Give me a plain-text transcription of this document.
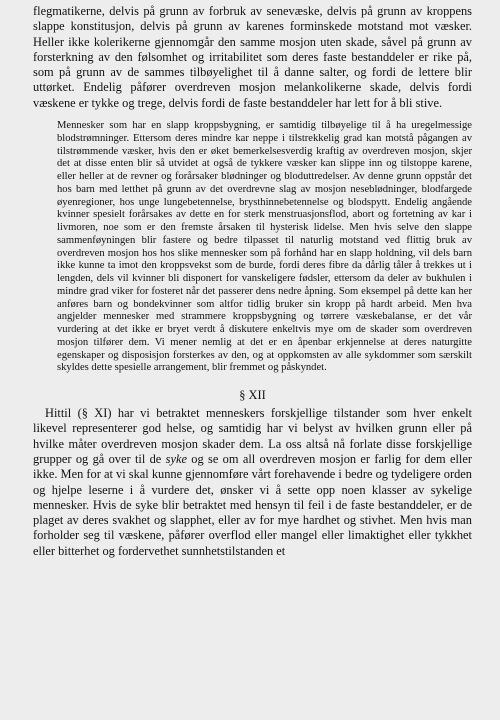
flegmatikerne, delvis på grunn av forbruk av senevæske, delvis på grunn av kroppens slappe konstitusjon, delvis på grunn av karenes forminskede motstand mot væsker. Heller ikke kolerikerne gjennomgår den samme mosjon uten skade, såvel på grunn av forsterkning av den følsomhet og irritabilitet som deres faste bestanddeler er rike på, som på grunn av de sammes tilbøyelighet til å danne salter, og fordi de lettere blir uttørket. Endelig påfører overdreven mosjon melankolikerne skade, delvis fordi væskene er tykke og trege, delvis fordi de faste bestanddeler har lett for å bli stive.

Mennesker som har en slapp kroppsbygning, er samtidig tilbøyelige til å ha uregelmessige blodstrømninger. Ettersom deres mindre kar neppe i tilstrekkelig grad kan motstå pågangen av tilstrømmende væsker, hvis den er øket bemerkelsesverdig kraftig av overdreven mosjon, skjer det at disse enten blir så utvidet at også de tykkere væsker kan slippe inn og tilstoppe karene, eller heller at de revner og forårsaker blødninger og bloduttredelser. Av denne grunn oppstår det hos barn med letthet på grunn av det overdrevne slag av mosjon neseblødninger, blodfargede øyenregioner, hos unge lungebetennelse, brysthinnebetennelse og blodspytt. Endelig angående kvinner spesielt forårsakes av dette en for sterk menstruasjonsflod, abort og fortetning av kar i livmoren, noe som er den fremste årsaken til hysterisk lidelse. Men hvis selve den slappe sammenføyningen blir fastere og bedre tilpasset til naturlig motstand ved flittig bruk av overdreven mosjon hos hos slike mennesker som på forhånd har en slapp holdning, vil dels barn ikke kunne ta imot den kroppsvekst som de burde, fordi deres fibre da dårlig tåler å trekkes ut i lengden, dels vil kvinner bli disponert for vanskeligere fødsler, ettersom da deler av bukhulen i mindre grad viker for fosteret når det passerer dens nedre åpning. Som eksempel på dette kan her anføres barn og bondekvinner som altfor tidlig bruker sin kropp på hardt arbeid. Men hva angjelder mennesker med strammere kroppsbygning og tørrere væskebalanse, er det vår vurdering at det ikke er bryet verdt å diskutere enkeltvis mye om de skader som overdreven mosjon tilfører dem. Vi mener nemlig at det er en åpenbar erkjennelse at deres naturgitte egenskaper og disposisjon forsterkes av den, og at oppkomsten av alle sykdommer som særskilt skyldes dette spesielle arrangement, blir fremmet og påskyndet.

§ XII

Hittil (§ XI) har vi betraktet menneskers forskjellige tilstander som hver enkelt likevel representerer god helse, og samtidig har vi belyst av hvilken grunn eller på hvilke måter overdreven mosjon skader dem. La oss altså nå forlate disse forskjellige grupper og gå over til de syke og se om all overdreven mosjon er farlig for dem eller ikke. Men for at vi skal kunne gjennomføre vårt forehavende i bedre og tydeligere orden og hjelpe leserne i å vurdere det, ønsker vi å sette opp noen klasser av sykelige mennesker. Hvis de syke blir betraktet med hensyn til feil i de faste bestanddeler, er de plaget av deres svakhet og slapphet, eller av for mye hardhet og stivhet. Men hvis man forholder seg til væskene, påfører overflod eller mangel eller limaktighet eller tykkhet eller bitterhet og fordervethet sunnhetstilstanden et
